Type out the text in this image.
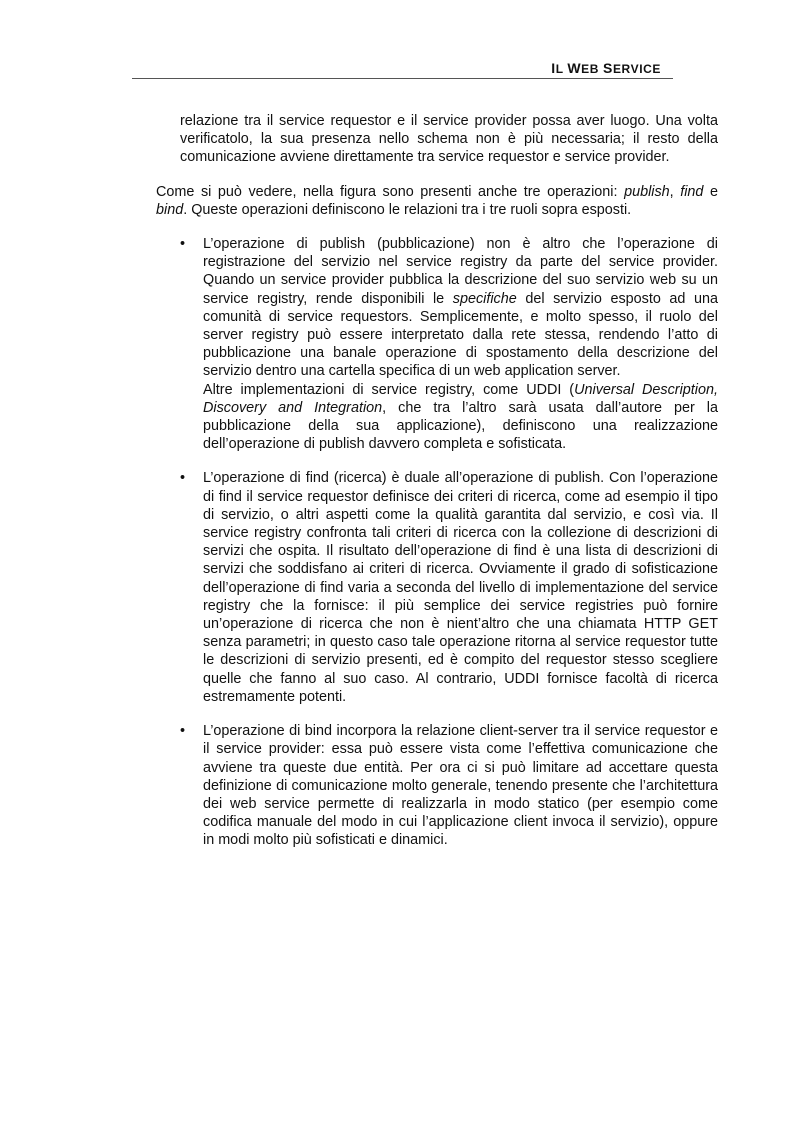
IL WEB SERVICE

relazione tra il service requestor e il service provider possa aver luogo. Una volta verificatolo, la sua presenza nello schema non è più necessaria; il resto della comunicazione avviene direttamente tra service requestor e service provider.

Come si può vedere, nella figura sono presenti anche tre operazioni: publish, find e bind. Queste operazioni definiscono le relazioni tra i tre ruoli sopra esposti.

• L’operazione di publish (pubblicazione) non è altro che l’operazione di registrazione del servizio nel service registry da parte del service provider. Quando un service provider pubblica la descrizione del suo servizio web su un service registry, rende disponibili le specifiche del servizio esposto ad una comunità di service requestors. Semplicemente, e molto spesso, il ruolo del server registry può essere interpretato dalla rete stessa, rendendo l’atto di pubblicazione una banale operazione di spostamento della descrizione del servizio dentro una cartella specifica di un web application server.

Altre implementazioni di service registry, come UDDI (Universal Description, Discovery and Integration, che tra l’altro sarà usata dall’autore per la pubblicazione della sua applicazione), definiscono una realizzazione dell’operazione di publish davvero completa e sofisticata.

• L’operazione di find (ricerca) è duale all’operazione di publish. Con l’operazione di find il service requestor definisce dei criteri di ricerca, come ad esempio il tipo di servizio, o altri aspetti come la qualità garantita dal servizio, e così via. Il service registry confronta tali criteri di ricerca con la collezione di descrizioni di servizi che ospita. Il risultato dell’operazione di find è una lista di descrizioni di servizi che soddisfano ai criteri di ricerca. Ovviamente il grado di sofisticazione dell’operazione di find varia a seconda del livello di implementazione del service registry che la fornisce: il più semplice dei service registries può fornire un’operazione di ricerca che non è nient’altro che una chiamata HTTP GET senza parametri; in questo caso tale operazione ritorna al service requestor tutte le descrizioni di servizio presenti, ed è compito del requestor stesso scegliere quelle che fanno al suo caso. Al contrario, UDDI fornisce facoltà di ricerca estremamente potenti.

• L’operazione di bind incorpora la relazione client-server tra il service requestor e il service provider: essa può essere vista come l’effettiva comunicazione che avviene tra queste due entità. Per ora ci si può limitare ad accettare questa definizione di comunicazione molto generale, tenendo presente che l’architettura dei web service permette di realizzarla in modo statico (per esempio come codifica manuale del modo in cui l’applicazione client invoca il servizio), oppure in modi molto più sofisticati e dinamici.
